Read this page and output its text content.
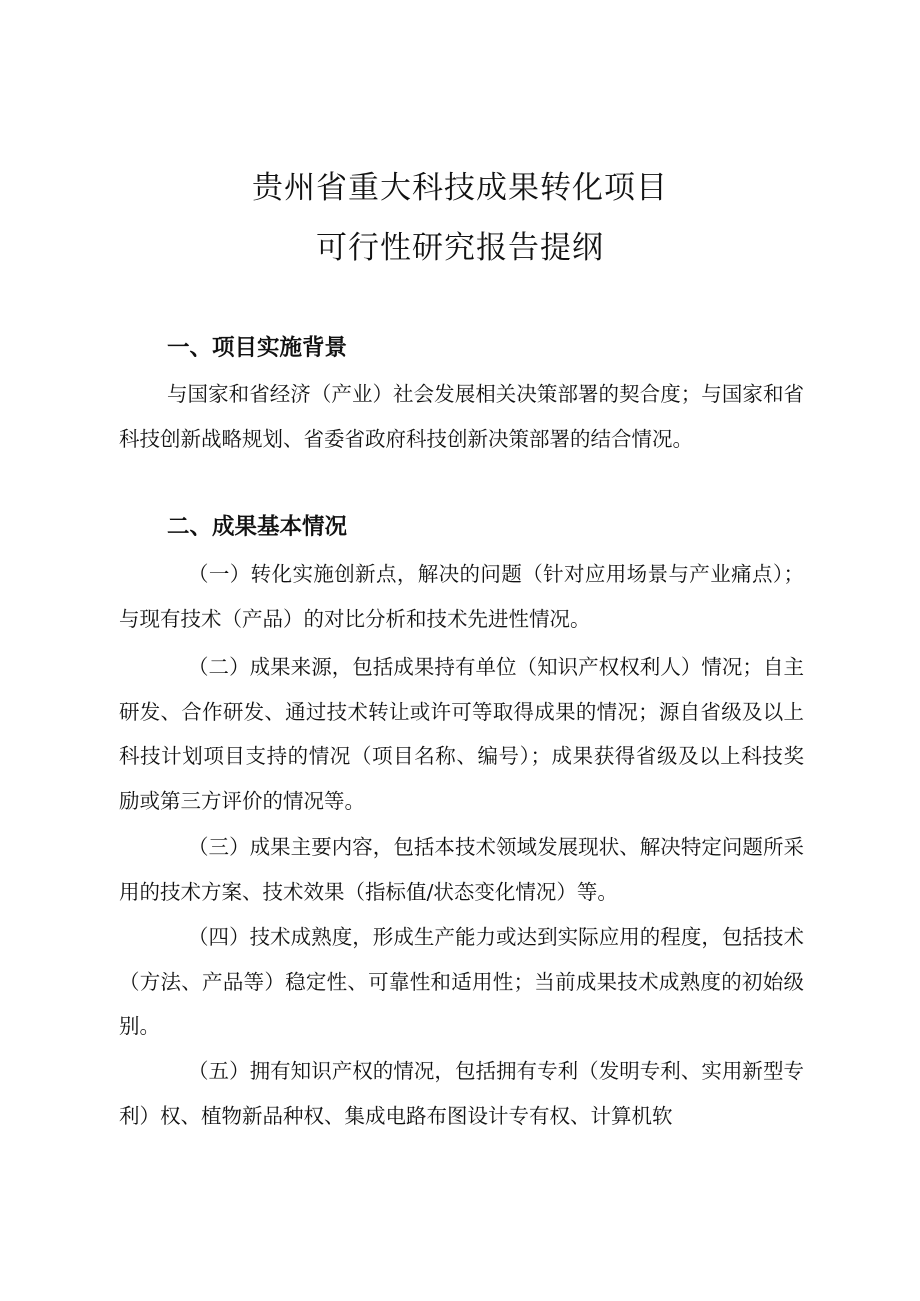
贵州省重大科技成果转化项目
可行性研究报告提纲
一、项目实施背景

与国家和省经济（产业）社会发展相关决策部署的契合度；与国家和省科技创新战略规划、省委省政府科技创新决策部署的结合情况。

二、成果基本情况

（一）转化实施创新点，解决的问题（针对应用场景与产业痛点）；与现有技术（产品）的对比分析和技术先进性情况。

（二）成果来源，包括成果持有单位（知识产权权利人）情况；自主研发、合作研发、通过技术转让或许可等取得成果的情况；源自省级及以上科技计划项目支持的情况（项目名称、编号）；成果获得省级及以上科技奖励或第三方评价的情况等。

（三）成果主要内容，包括本技术领域发展现状、解决特定问题所采用的技术方案、技术效果（指标值/状态变化情况）等。

（四）技术成熟度，形成生产能力或达到实际应用的程度，包括技术（方法、产品等）稳定性、可靠性和适用性；当前成果技术成熟度的初始级别。

（五）拥有知识产权的情况，包括拥有专利（发明专利、实用新型专利）权、植物新品种权、集成电路布图设计专有权、计算机软
